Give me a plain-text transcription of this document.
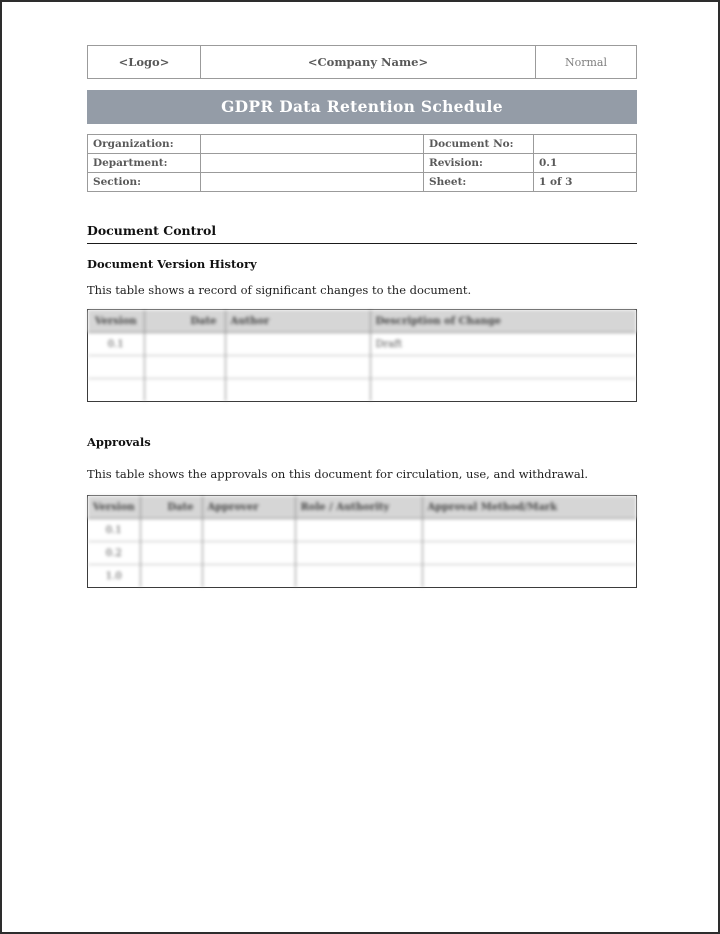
<Logo>	<Company Name>	Normal
GDPR Data Retention Schedule
Organization:		Document No:	
Department:		Revision:	0.1
Section:		Sheet:	1 of 3
Document Control
Document Version History

This table shows a record of significant changes to the document.

Version	Date	Author	Description of Change
0.1			Draft

Approvals

This table shows the approvals on this document for circulation, use, and withdrawal.

Version	Date	Approver	Role / Authority	Approval Method/Mark
0.1				
0.2				
1.0				
